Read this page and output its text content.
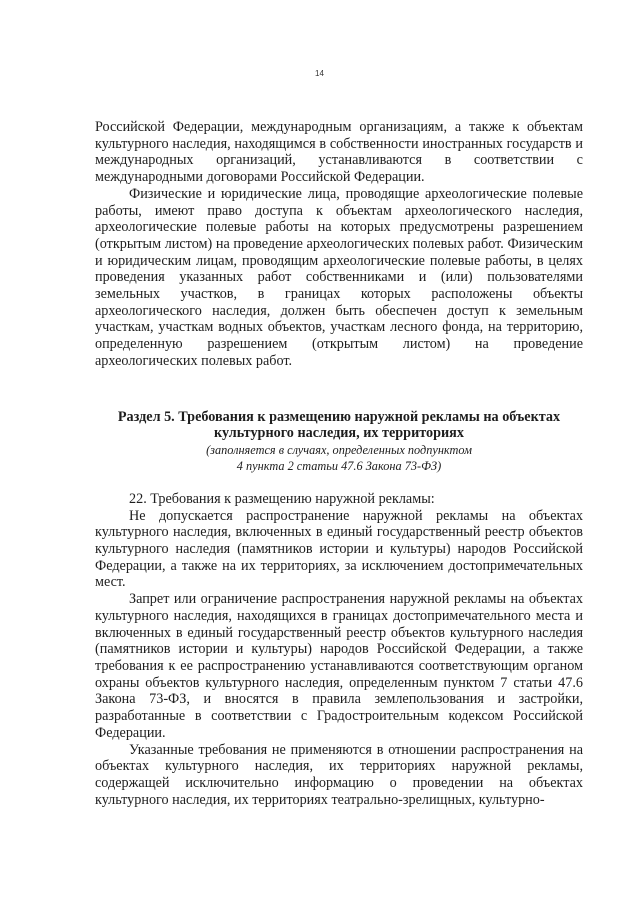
14

Российской Федерации, международным организациям, а также к объектам культурного наследия, находящимся в собственности иностранных государств и международных организаций, устанавливаются в соответствии с международными договорами Российской Федерации.

Физические и юридические лица, проводящие археологические полевые работы, имеют право доступа к объектам археологического наследия, археологические полевые работы на которых предусмотрены разрешением (открытым листом) на проведение археологических полевых работ. Физическим и юридическим лицам, проводящим археологические полевые работы, в целях проведения указанных работ собственниками и (или) пользователями земельных участков, в границах которых расположены объекты археологического наследия, должен быть обеспечен доступ к земельным участкам, участкам водных объектов, участкам лесного фонда, на территорию, определенную разрешением (открытым листом) на проведение археологических полевых работ.

Раздел 5. Требования к размещению наружной рекламы на объектах

культурного наследия, их территориях

(заполняется в случаях, определенных подпунктом

4 пункта 2 статьи 47.6 Закона 73-ФЗ)

22. Требования к размещению наружной рекламы:

Не допускается распространение наружной рекламы на объектах культурного наследия, включенных в единый государственный реестр объектов культурного наследия (памятников истории и культуры) народов Российской Федерации, а также на их территориях, за исключением достопримечательных мест.

Запрет или ограничение распространения наружной рекламы на объектах культурного наследия, находящихся в границах достопримечательного места и включенных в единый государственный реестр объектов культурного наследия (памятников истории и культуры) народов Российской Федерации, а также требования к ее распространению устанавливаются соответствующим органом охраны объектов культурного наследия, определенным пунктом 7 статьи 47.6 Закона 73-ФЗ, и вносятся в правила землепользования и застройки, разработанные в соответствии с Градостроительным кодексом Российской Федерации.

Указанные требования не применяются в отношении распространения на объектах культурного наследия, их территориях наружной рекламы, содержащей исключительно информацию о проведении на объектах культурного наследия, их территориях театрально-зрелищных, культурно-
